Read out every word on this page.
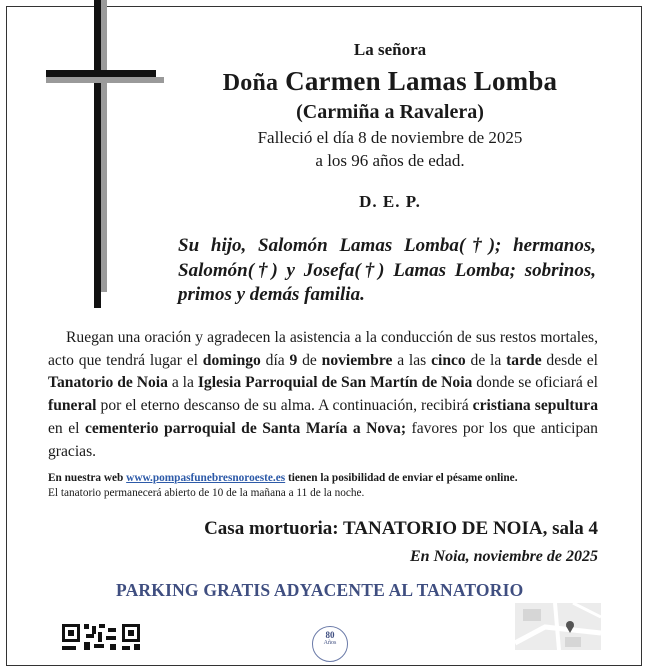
La señora
Doña Carmen Lamas Lomba
(Carmiña a Ravalera)
Falleció el día 8 de noviembre de 2025
a los 96 años de edad.
D. E. P.
Su hijo, Salomón Lamas Lomba(†); hermanos, Salomón(†) y Josefa(†) Lamas Lomba; sobrinos, primos y demás familia.
Ruegan una oración y agradecen la asistencia a la conducción de sus restos mortales, acto que tendrá lugar el domingo día 9 de noviembre a las cinco de la tarde desde el Tanatorio de Noia a la Iglesia Parroquial de San Martín de Noia donde se oficiará el funeral por el eterno descanso de su alma. A continuación, recibirá cristiana sepultura en el cementerio parroquial de Santa María a Nova; favores por los que anticipan gracias.
En nuestra web www.pompasfunebresnoroeste.es tienen la posibilidad de enviar el pésame online.
El tanatorio permanecerá abierto de 10 de la mañana a 11 de la noche.
Casa mortuoria: TANATORIO DE NOIA, sala 4
En Noia, noviembre de 2025
PARKING GRATIS ADYACENTE AL TANATORIO
80
Años
